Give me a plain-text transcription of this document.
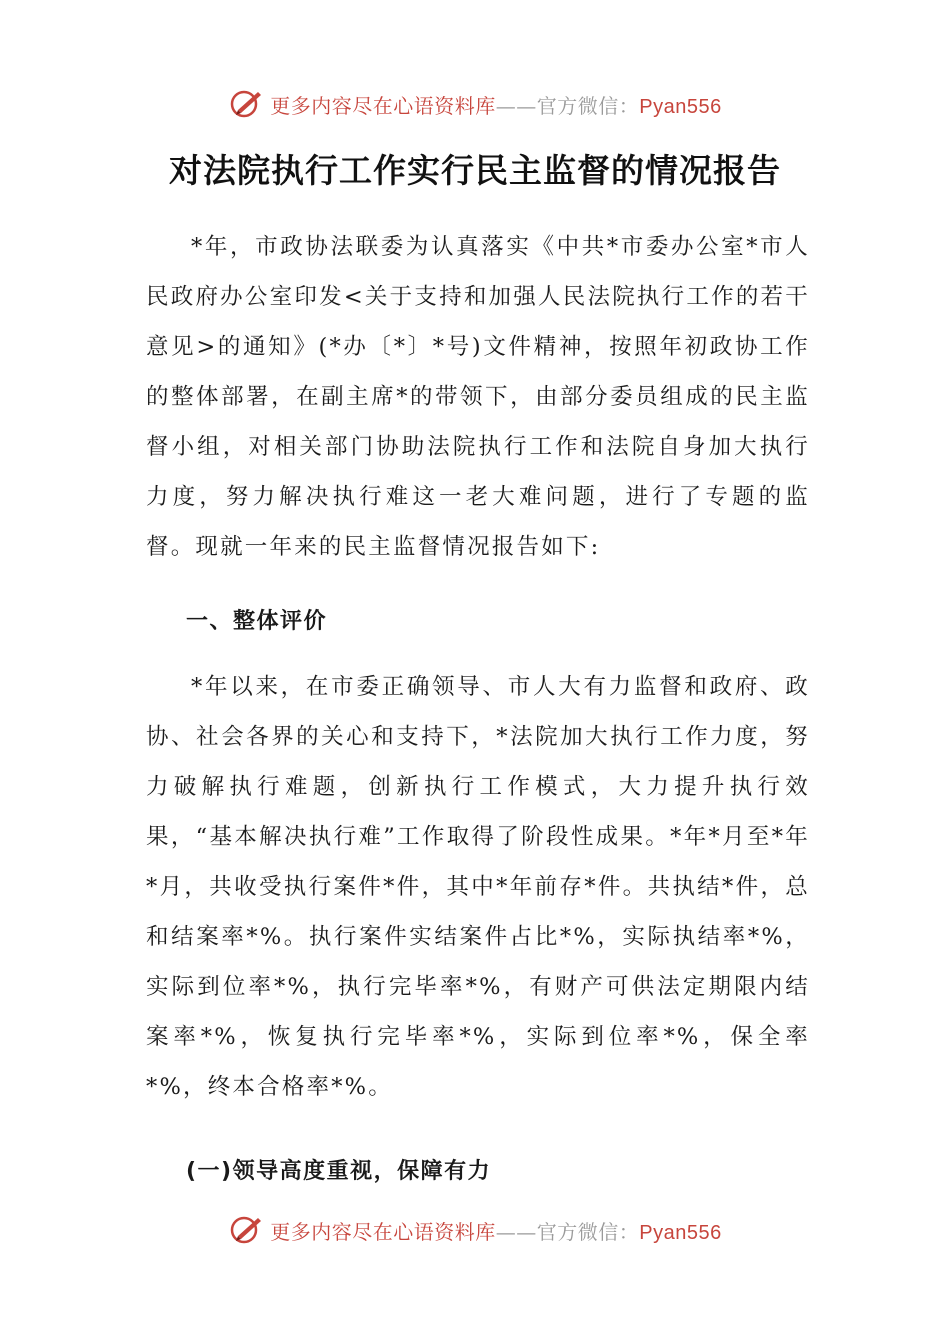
更多内容尽在心语资料库——官方微信：Pyan556
对法院执行工作实行民主监督的情况报告

*年，市政协法联委为认真落实《中共*市委办公室*市人民政府办公室印发<关于支持和加强人民法院执行工作的若干意见>的通知》(*办〔*〕*号)文件精神，按照年初政协工作的整体部署，在副主席*的带领下，由部分委员组成的民主监督小组，对相关部门协助法院执行工作和法院自身加大执行力度，努力解决执行难这一老大难问题，进行了专题的监督。现就一年来的民主监督情况报告如下:

一、整体评价

*年以来，在市委正确领导、市人大有力监督和政府、政协、社会各界的关心和支持下，*法院加大执行工作力度，努力破解执行难题，创新执行工作模式，大力提升执行效果，“基本解决执行难”工作取得了阶段性成果。*年*月至*年*月，共收受执行案件*件，其中*年前存*件。共执结*件，总和结案率*%。执行案件实结案件占比*%，实际执结率*%，实际到位率*%，执行完毕率*%，有财产可供法定期限内结案率*%，恢复执行完毕率*%，实际到位率*%，保全率*%，终本合格率*%。

(一)领导高度重视，保障有力

更多内容尽在心语资料库——官方微信：Pyan556
